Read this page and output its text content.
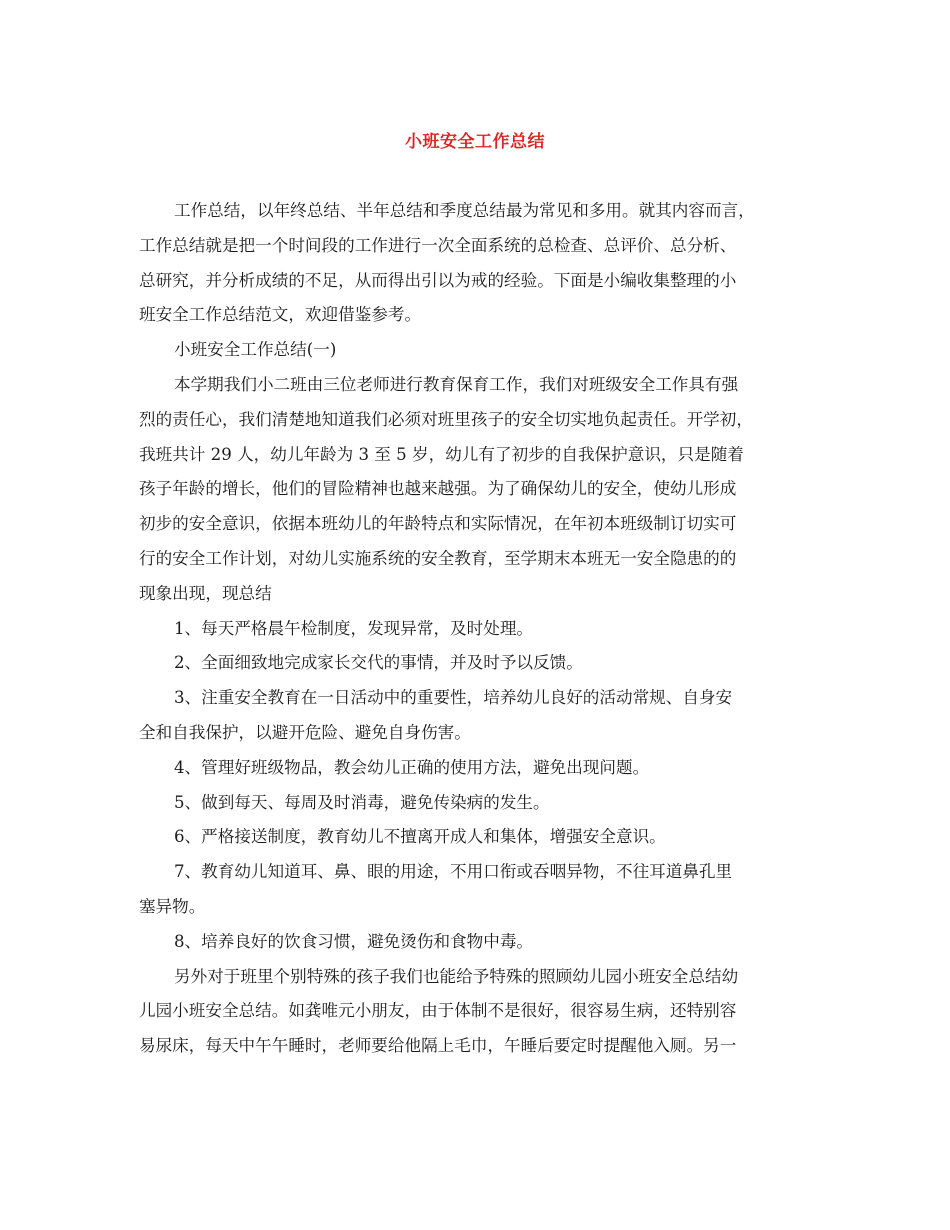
小班安全工作总结
工作总结，以年终总结、半年总结和季度总结最为常见和多用。就其内容而言，
工作总结就是把一个时间段的工作进行一次全面系统的总检查、总评价、总分析、
总研究，并分析成绩的不足，从而得出引以为戒的经验。下面是小编收集整理的小
班安全工作总结范文，欢迎借鉴参考。
小班安全工作总结(一)
本学期我们小二班由三位老师进行教育保育工作，我们对班级安全工作具有强
烈的责任心，我们清楚地知道我们必须对班里孩子的安全切实地负起责任。开学初，
我班共计 29 人，幼儿年龄为 3 至 5 岁，幼儿有了初步的自我保护意识，只是随着
孩子年龄的增长，他们的冒险精神也越来越强。为了确保幼儿的安全，使幼儿形成
初步的安全意识，依据本班幼儿的年龄特点和实际情况，在年初本班级制订切实可
行的安全工作计划，对幼儿实施系统的安全教育，至学期末本班无一安全隐患的的
现象出现，现总结
1、每天严格晨午检制度，发现异常，及时处理。
2、全面细致地完成家长交代的事情，并及时予以反馈。
3、注重安全教育在一日活动中的重要性，培养幼儿良好的活动常规、自身安
全和自我保护，以避开危险、避免自身伤害。
4、管理好班级物品，教会幼儿正确的使用方法，避免出现问题。
5、做到每天、每周及时消毒，避免传染病的发生。
6、严格接送制度，教育幼儿不擅离开成人和集体，增强安全意识。
7、教育幼儿知道耳、鼻、眼的用途，不用口衔或吞咽异物，不往耳道鼻孔里
塞异物。
8、培养良好的饮食习惯，避免烫伤和食物中毒。
另外对于班里个别特殊的孩子我们也能给予特殊的照顾幼儿园小班安全总结幼
儿园小班安全总结。如龚唯元小朋友，由于体制不是很好，很容易生病，还特别容
易尿床，每天中午午睡时，老师要给他隔上毛巾，午睡后要定时提醒他入厕。另一
